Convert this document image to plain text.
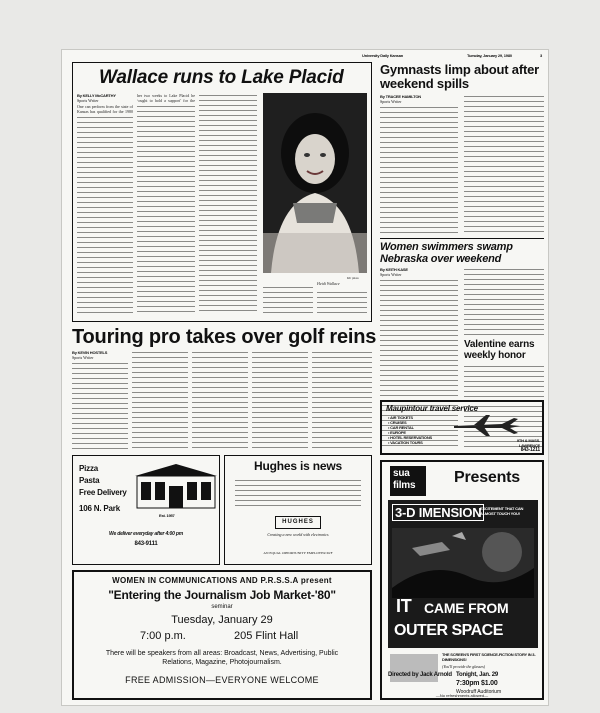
University Daily Kansan	Tuesday, January 29, 1980	3
Wallace runs to Lake Placid
By KELLY McCARTHY
Sports Writer
One can perform from the state of Kansas has qualified for the 1980
her two weeks to Lake Placid he ‘ought to hold a support’ for the
KU photo
Heidi Wallace
Gymnasts limp about after weekend spills
By TRACEE HAMILTON
Sports Writer
Women swimmers swamp Nebraska over weekend
By KEITH KASE
Sports Writer
Valentine earns weekly honor
Touring pro takes over golf reins
By KEVIN HOSTELS
Sports Writer
Maupintour travel service
• AIR TICKETS
• CRUISES
• CAR RENTAL
• EUROPE
• HOTEL RESERVATIONS
• VACATION TOURS	9TH & MASS.
LAWRENCE
843-1211
Pizza
Pasta
Free Delivery
106 N. Park
Est. 1957
We deliver everyday after 4:00 pm
843-9111
Hughes is news
HUGHES
Creating a new world with electronics
AN EQUAL OPPORTUNITY EMPLOYER M/F
WOMEN IN COMMUNICATIONS AND P.R.S.S.A present
"Entering the Journalism Job Market-'80"
seminar
Tuesday, January 29
7:00 p.m.	205 Flint Hall
There will be speakers from all areas: Broadcast, News, Advertising, Public Relations, Magazine, Photojournalism.
FREE ADMISSION—EVERYONE WELCOME
sua
films Presents
3-D IMENSION
EXCITEMENT THAT CAN ALMOST TOUCH YOU!
IT CAME FROM
OUTER SPACE
THE SCREEN'S FIRST SCIENCE-FICTION STORY IN 3-DIMENSIONS!
(You'll provide the glasses)
Directed by Jack Arnold Tonight, Jan. 29
7:30pm $1.00
Woodruff Auditorium
—No refreshments allowed—
